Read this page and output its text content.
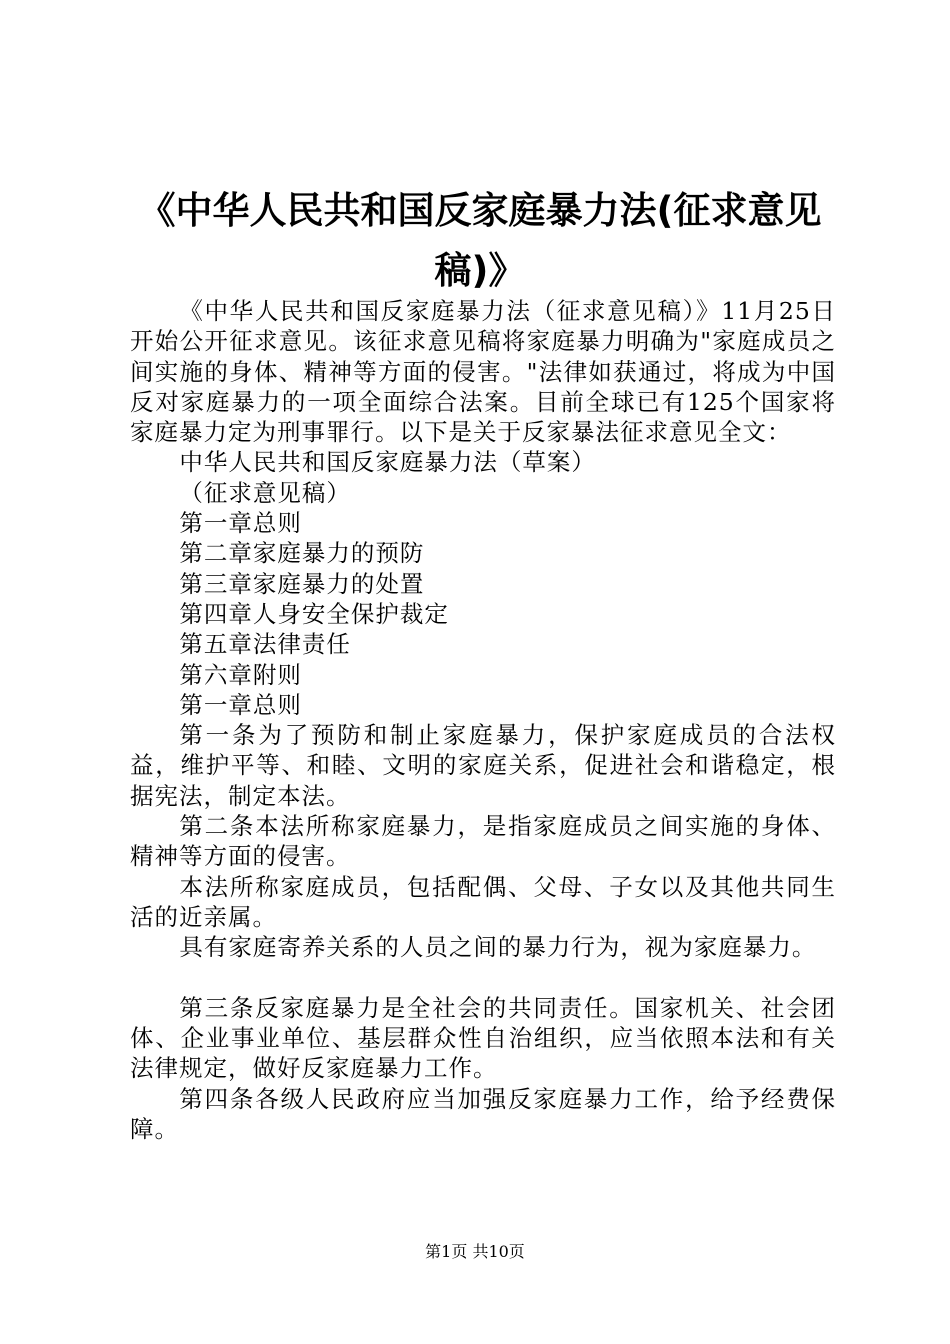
《中华人民共和国反家庭暴力法(征求意见
稿)》

《中华人民共和国反家庭暴力法（征求意见稿）》11月25日开始公开征求意见。该征求意见稿将家庭暴力明确为"家庭成员之间实施的身体、精神等方面的侵害。"法律如获通过，将成为中国反对家庭暴力的一项全面综合法案。目前全球已有125个国家将家庭暴力定为刑事罪行。以下是关于反家暴法征求意见全文：

中华人民共和国反家庭暴力法（草案）

（征求意见稿）

第一章总则

第二章家庭暴力的预防

第三章家庭暴力的处置

第四章人身安全保护裁定

第五章法律责任

第六章附则

第一章总则

第一条为了预防和制止家庭暴力，保护家庭成员的合法权益，维护平等、和睦、文明的家庭关系，促进社会和谐稳定，根据宪法，制定本法。

第二条本法所称家庭暴力，是指家庭成员之间实施的身体、精神等方面的侵害。

本法所称家庭成员，包括配偶、父母、子女以及其他共同生活的近亲属。

具有家庭寄养关系的人员之间的暴力行为，视为家庭暴力。

第三条反家庭暴力是全社会的共同责任。国家机关、社会团体、企业事业单位、基层群众性自治组织，应当依照本法和有关法律规定，做好反家庭暴力工作。

第四条各级人民政府应当加强反家庭暴力工作，给予经费保障。

第1页 共10页
